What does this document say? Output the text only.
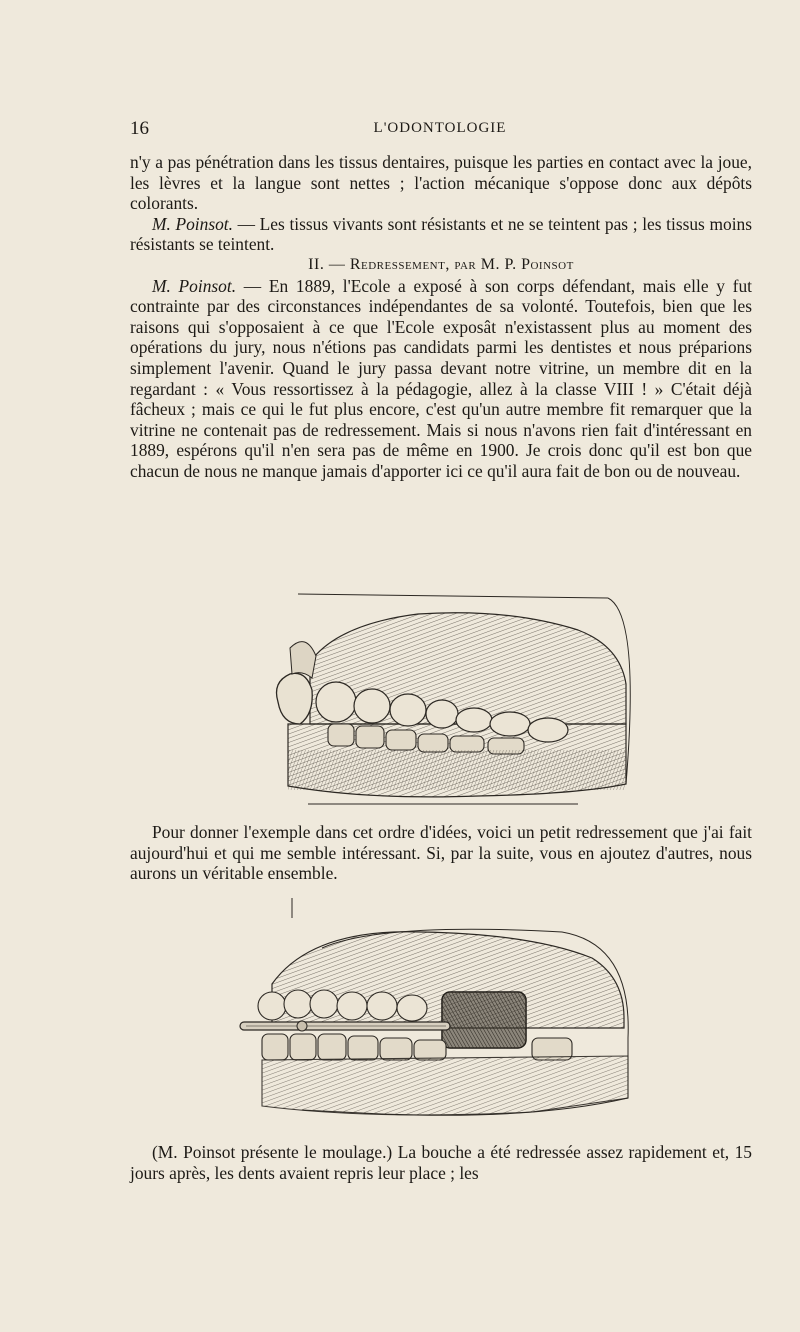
16	L'ODONTOLOGIE

n'y a pas pénétration dans les tissus dentaires, puisque les parties en contact avec la joue, les lèvres et la langue sont nettes ; l'action mécanique s'oppose donc aux dépôts colorants.

M. Poinsot. — Les tissus vivants sont résistants et ne se teintent pas ; les tissus moins résistants se teintent.

II. — Redressement, par M. P. Poinsot

M. Poinsot. — En 1889, l'Ecole a exposé à son corps défendant, mais elle y fut contrainte par des circonstances indépendantes de sa volonté. Toutefois, bien que les raisons qui s'opposaient à ce que l'Ecole exposât n'existassent plus au moment des opérations du jury, nous n'étions pas candidats parmi les dentistes et nous préparions simplement l'avenir. Quand le jury passa devant notre vitrine, un membre dit en la regardant : « Vous ressortissez à la pédagogie, allez à la classe VIII ! » C'était déjà fâcheux ; mais ce qui le fut plus encore, c'est qu'un autre membre fit remarquer que la vitrine ne contenait pas de redressement. Mais si nous n'avons rien fait d'intéressant en 1889, espérons qu'il n'en sera pas de même en 1900. Je crois donc qu'il est bon que chacun de nous ne manque jamais d'apporter ici ce qu'il aura fait de bon ou de nouveau.

Pour donner l'exemple dans cet ordre d'idées, voici un petit redressement que j'ai fait aujourd'hui et qui me semble intéressant. Si, par la suite, vous en ajoutez d'autres, nous aurons un véritable ensemble.

(M. Poinsot présente le moulage.) La bouche a été redressée assez rapidement et, 15 jours après, les dents avaient repris leur place ; les
